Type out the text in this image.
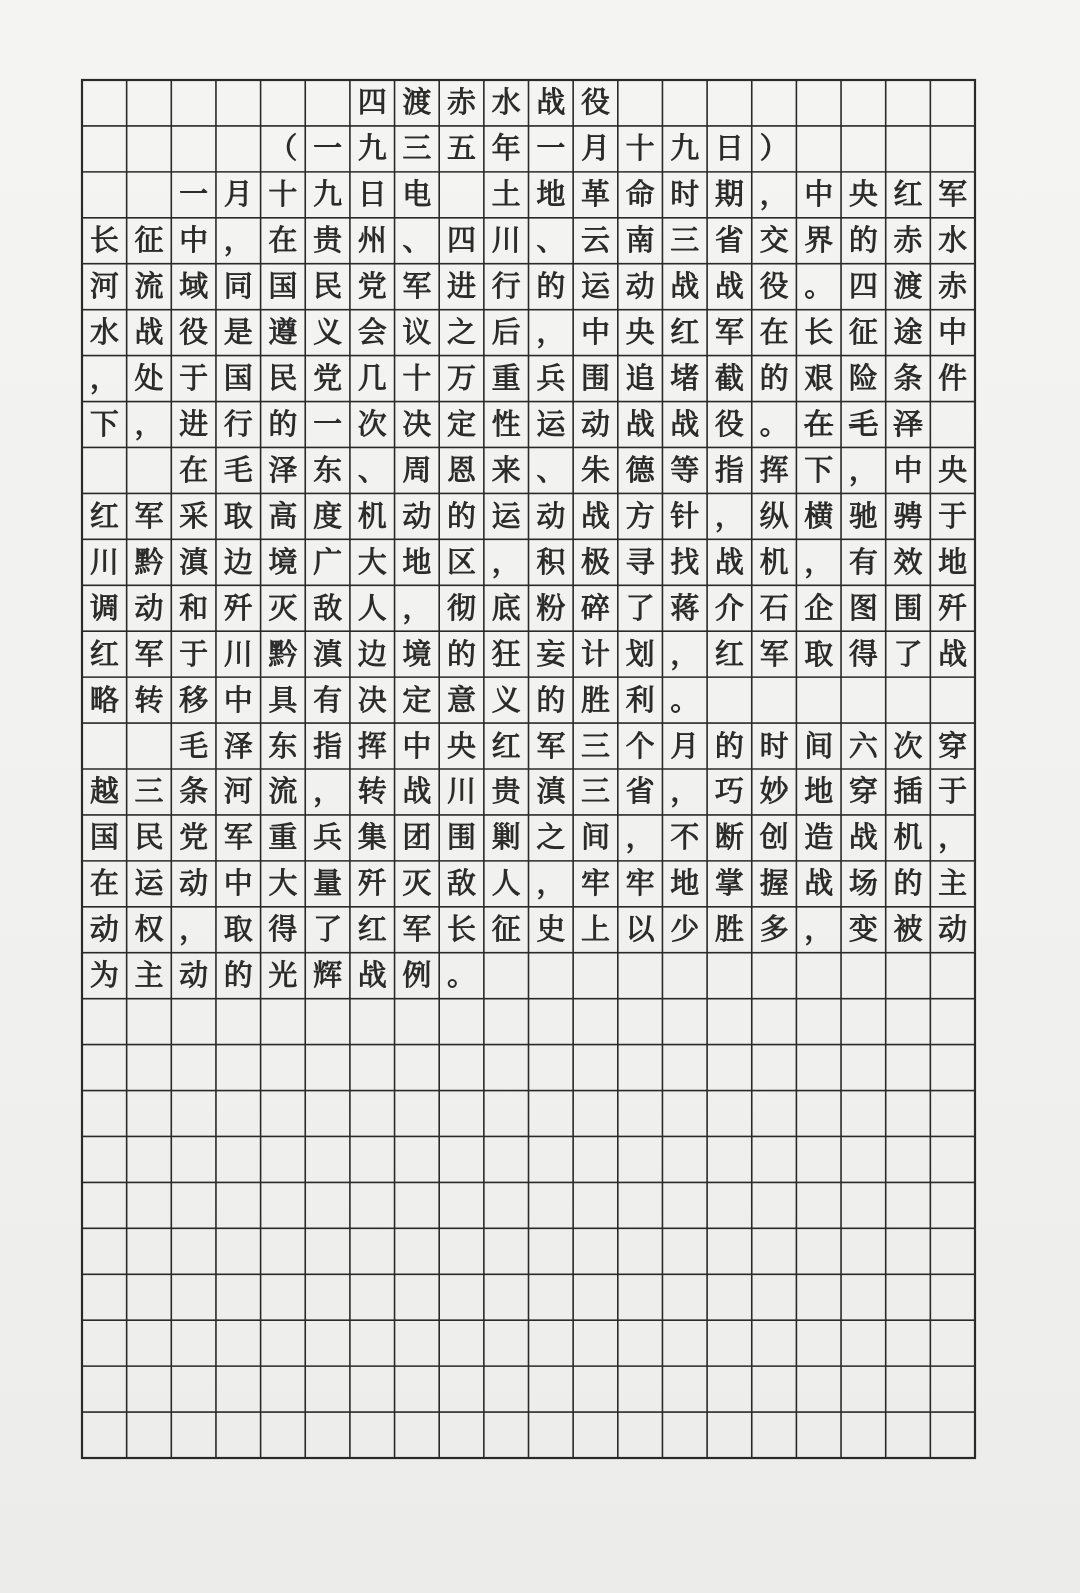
四 渡 赤 水 战 役
（ 一 九 三 五 年 一 月 十 九 日 ）
一 月 十 九 日 电 土 地 革 命 时 期 ， 中 央 红 军
长 征 中 ， 在 贵 州 、 四 川 、 云 南 三 省 交 界 的 赤 水
河 流 域 同 国 民 党 军 进 行 的 运 动 战 战 役 。 四 渡 赤
水 战 役 是 遵 义 会 议 之 后 ， 中 央 红 军 在 长 征 途 中
， 处 于 国 民 党 几 十 万 重 兵 围 追 堵 截 的 艰 险 条 件
下 ， 进 行 的 一 次 决 定 性 运 动 战 战 役 。 在 毛 泽
在 毛 泽 东 、 周 恩 来 、 朱 德 等 指 挥 下 ， 中 央
红 军 采 取 高 度 机 动 的 运 动 战 方 针 ， 纵 横 驰 骋 于
川 黔 滇 边 境 广 大 地 区 ， 积 极 寻 找 战 机 ， 有 效 地
调 动 和 歼 灭 敌 人 ， 彻 底 粉 碎 了 蒋 介 石 企 图 围 歼
红 军 于 川 黔 滇 边 境 的 狂 妄 计 划 ， 红 军 取 得 了 战
略 转 移 中 具 有 决 定 意 义 的 胜 利 。
毛 泽 东 指 挥 中 央 红 军 三 个 月 的 时 间 六 次 穿
越 三 条 河 流 ， 转 战 川 贵 滇 三 省 ， 巧 妙 地 穿 插 于
国 民 党 军 重 兵 集 团 围 剿 之 间 ， 不 断 创 造 战 机 ，
在 运 动 中 大 量 歼 灭 敌 人 ， 牢 牢 地 掌 握 战 场 的 主
动 权 ， 取 得 了 红 军 长 征 史 上 以 少 胜 多 ， 变 被 动
为 主 动 的 光 辉 战 例 。
